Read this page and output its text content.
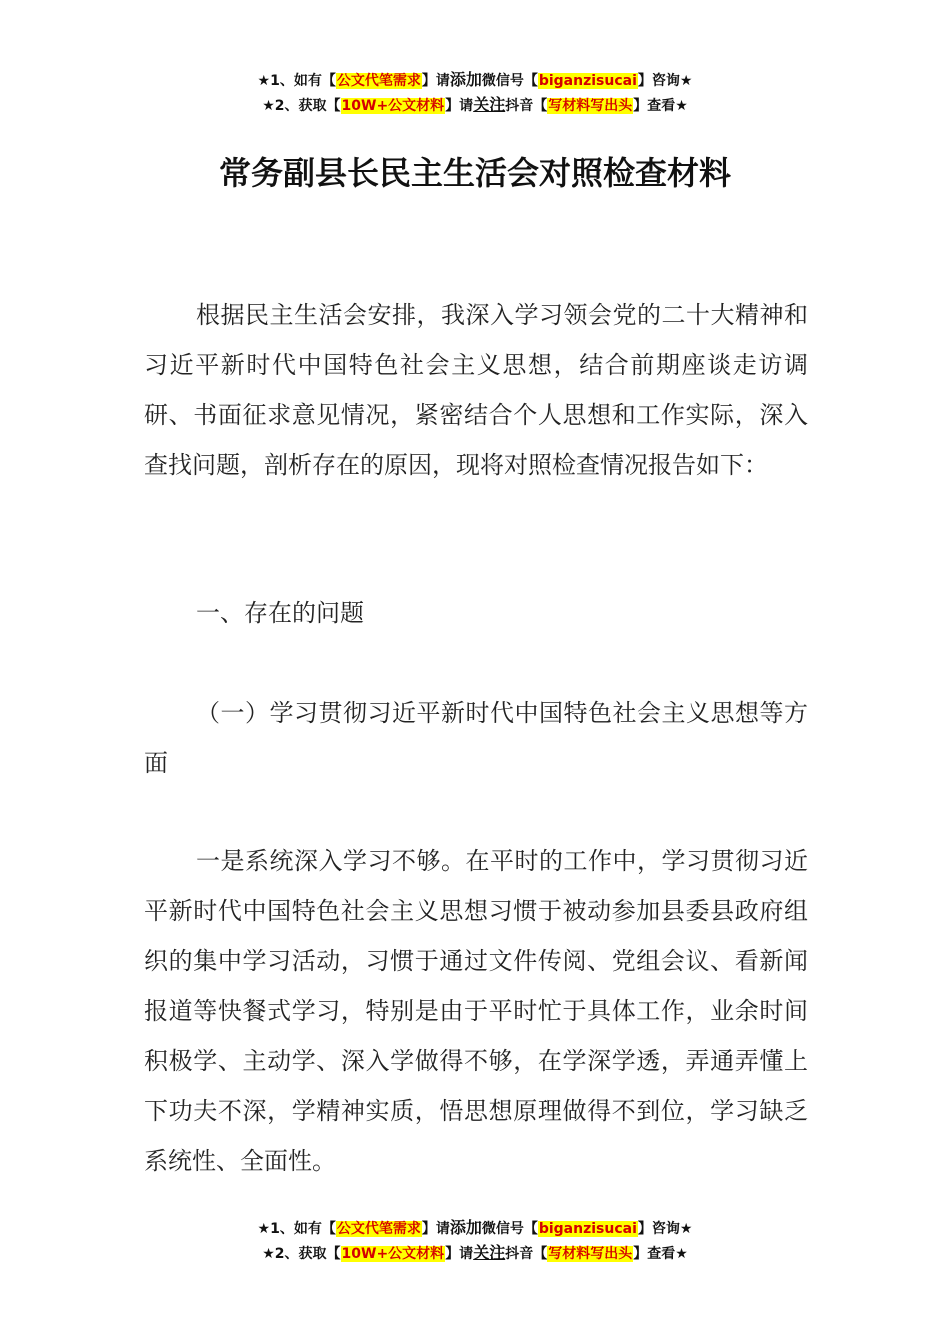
★1、如有【公文代笔需求】请添加微信号【biganzisucai】咨询★
★2、获取【10W+公文材料】请关注抖音【写材料写出头】查看★
常务副县长民主生活会对照检查材料

根据民主生活会安排，我深入学习领会党的二十大精神和习近平新时代中国特色社会主义思想，结合前期座谈走访调研、书面征求意见情况，紧密结合个人思想和工作实际，深入查找问题，剖析存在的原因，现将对照检查情况报告如下：

一、存在的问题

（一）学习贯彻习近平新时代中国特色社会主义思想等方面

一是系统深入学习不够。在平时的工作中，学习贯彻习近平新时代中国特色社会主义思想习惯于被动参加县委县政府组织的集中学习活动，习惯于通过文件传阅、党组会议、看新闻报道等快餐式学习，特别是由于平时忙于具体工作，业余时间积极学、主动学、深入学做得不够，在学深学透，弄通弄懂上下功夫不深，学精神实质，悟思想原理做得不到位，学习缺乏系统性、全面性。

★1、如有【公文代笔需求】请添加微信号【biganzisucai】咨询★
★2、获取【10W+公文材料】请关注抖音【写材料写出头】查看★
